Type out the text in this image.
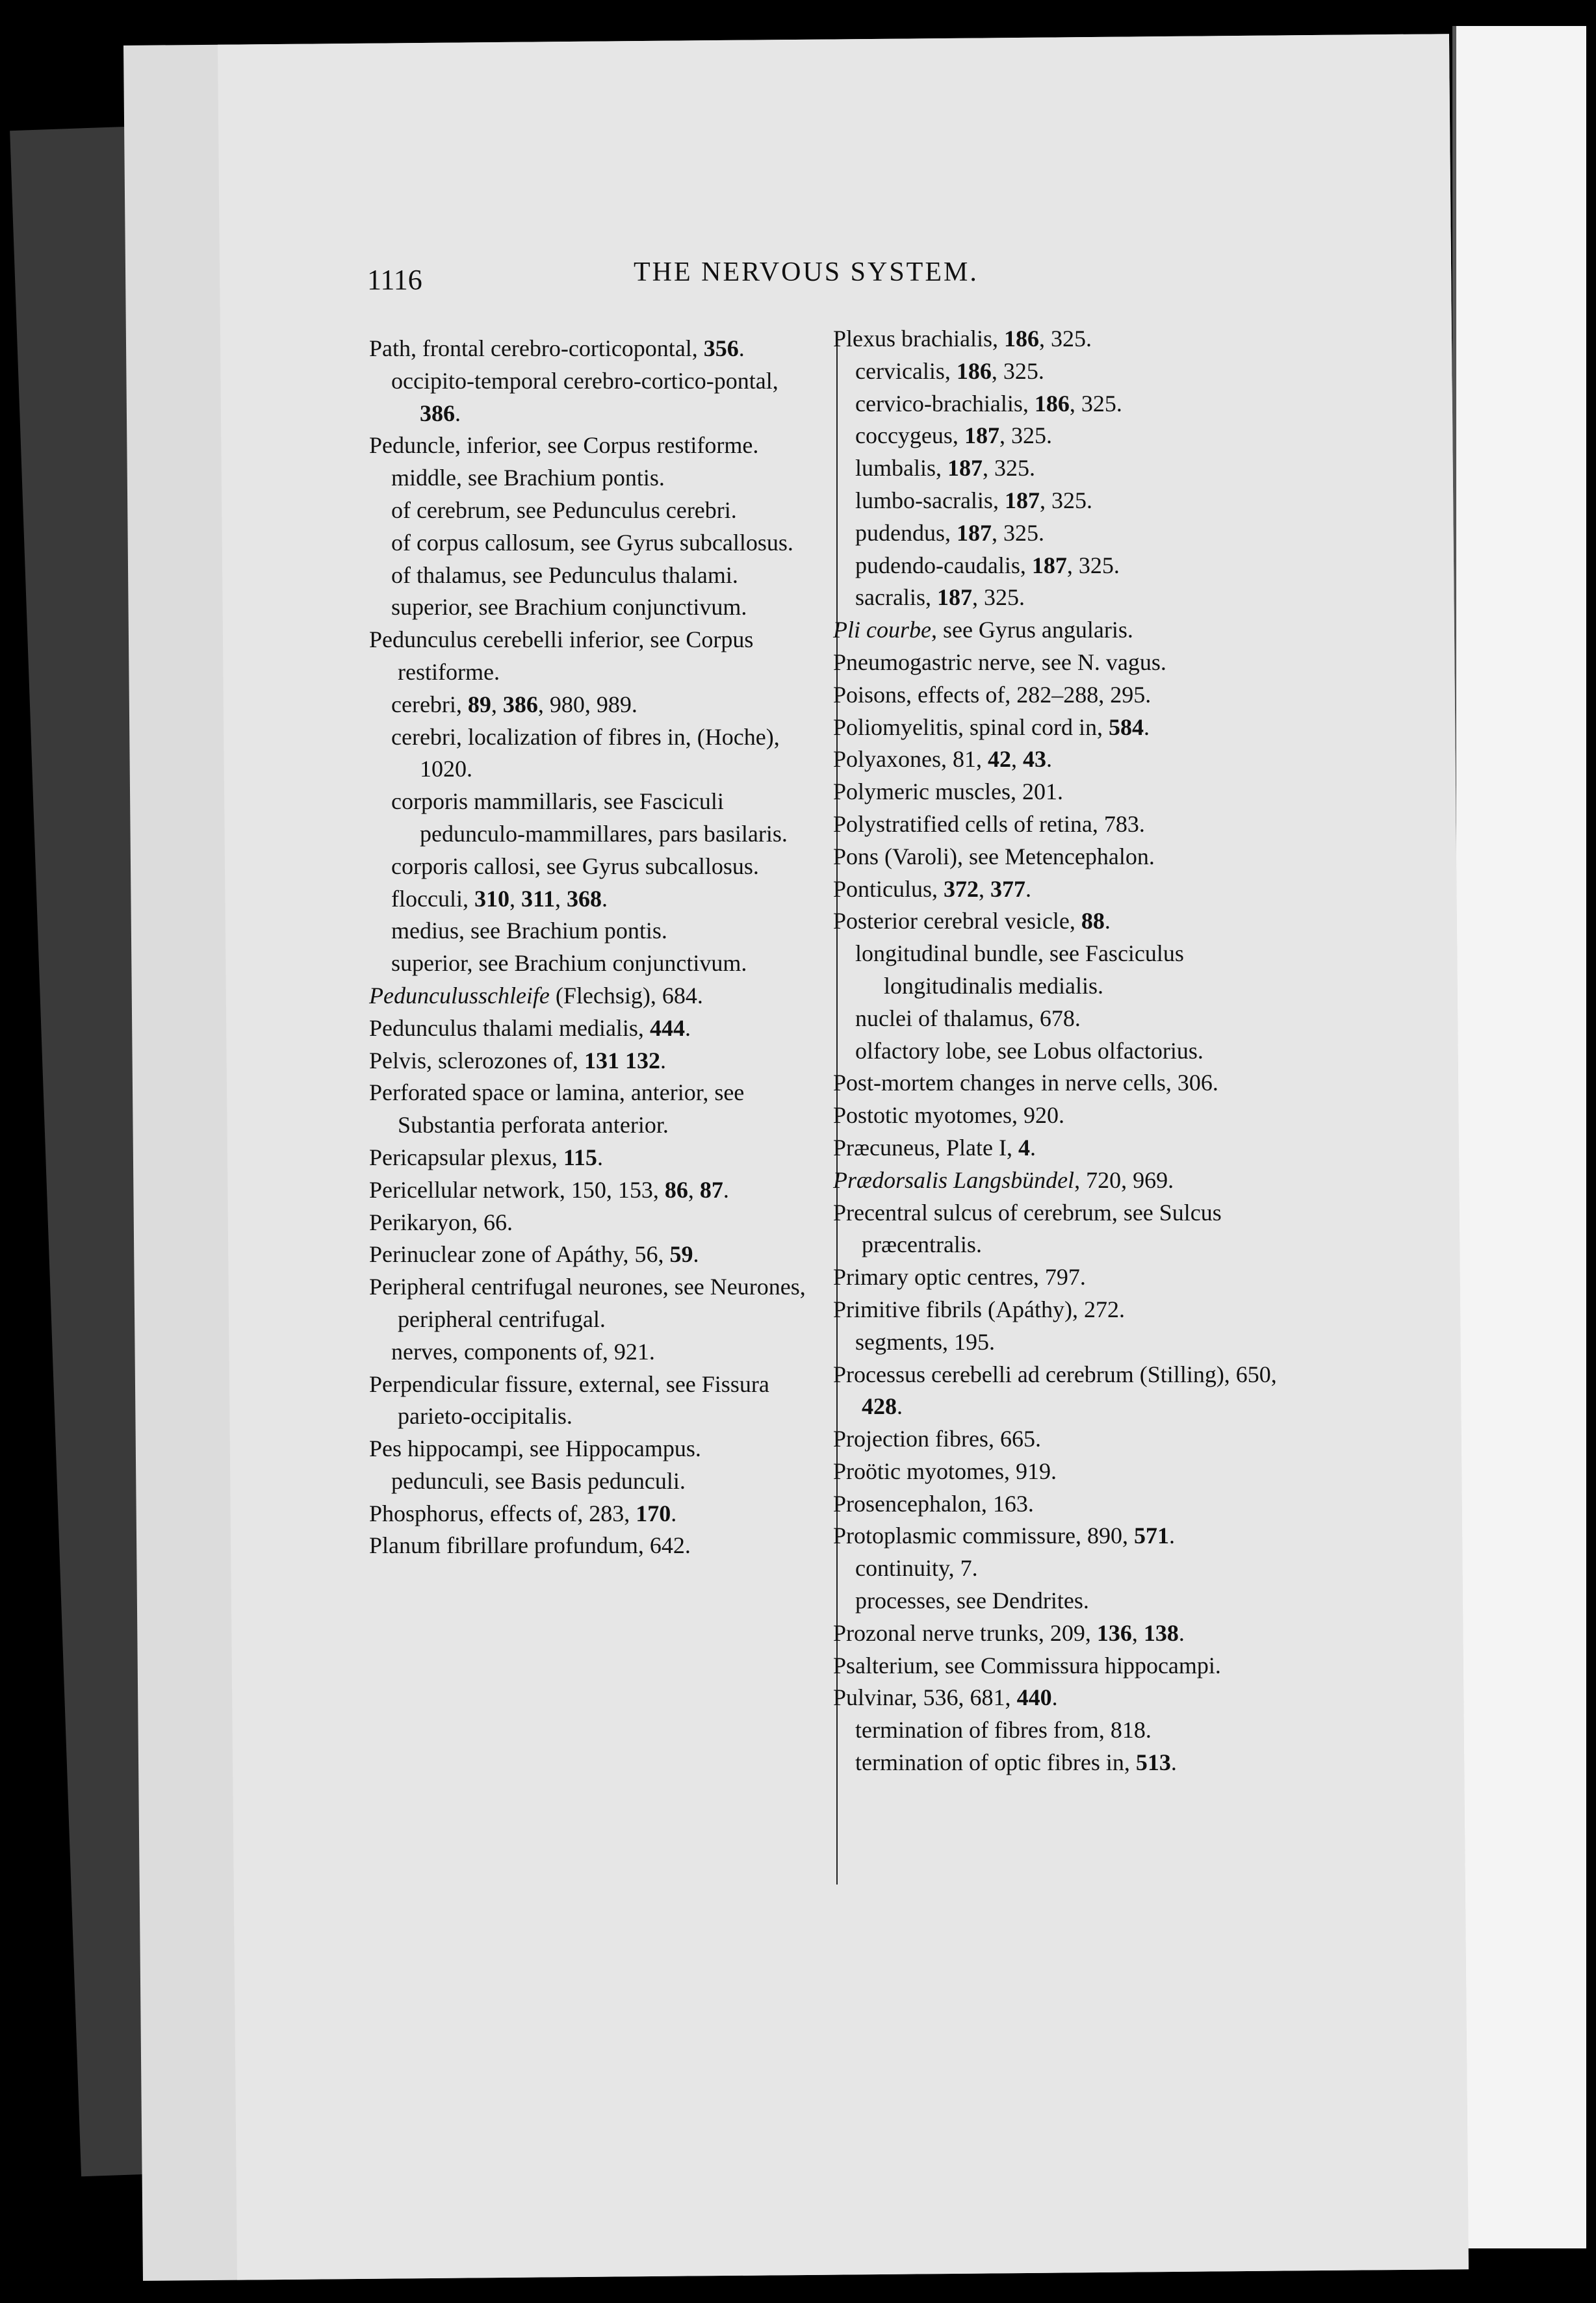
1116	THE NERVOUS SYSTEM.

Path, frontal cerebro-corticopontal, 356.

occipito-temporal cerebro-cortico-pontal, 386.

Peduncle, inferior, see Corpus restiforme.

middle, see Brachium pontis.

of cerebrum, see Pedunculus cerebri.

of corpus callosum, see Gyrus subcallosus.

of thalamus, see Pedunculus thalami.

superior, see Brachium conjunctivum.

Pedunculus cerebelli inferior, see Corpus restiforme.

cerebri, 89, 386, 980, 989.

cerebri, localization of fibres in, (Hoche), 1020.

corporis mammillaris, see Fasciculi pedunculo-mammillares, pars basilaris.

corporis callosi, see Gyrus subcallosus.

flocculi, 310, 311, 368.

medius, see Brachium pontis.

superior, see Brachium conjunctivum.

Pedunculusschleife (Flechsig), 684.

Pedunculus thalami medialis, 444.

Pelvis, sclerozones of, 131 132.

Perforated space or lamina, anterior, see Substantia perforata anterior.

Pericapsular plexus, 115.

Pericellular network, 150, 153, 86, 87.

Perikaryon, 66.

Perinuclear zone of Apáthy, 56, 59.

Peripheral centrifugal neurones, see Neurones, peripheral centrifugal.

nerves, components of, 921.

Perpendicular fissure, external, see Fissura parieto-occipitalis.

Pes hippocampi, see Hippocampus.

pedunculi, see Basis pedunculi.

Phosphorus, effects of, 283, 170.

Planum fibrillare profundum, 642.

Plexus brachialis, 186, 325.

cervicalis, 186, 325.

cervico-brachialis, 186, 325.

coccygeus, 187, 325.

lumbalis, 187, 325.

lumbo-sacralis, 187, 325.

pudendus, 187, 325.

pudendo-caudalis, 187, 325.

sacralis, 187, 325.

Pli courbe, see Gyrus angularis.

Pneumogastric nerve, see N. vagus.

Poisons, effects of, 282–288, 295.

Poliomyelitis, spinal cord in, 584.

Polyaxones, 81, 42, 43.

Polymeric muscles, 201.

Polystratified cells of retina, 783.

Pons (Varoli), see Metencephalon.

Ponticulus, 372, 377.

Posterior cerebral vesicle, 88.

longitudinal bundle, see Fasciculus longitudinalis medialis.

nuclei of thalamus, 678.

olfactory lobe, see Lobus olfactorius.

Post-mortem changes in nerve cells, 306.

Postotic myotomes, 920.

Præcuneus, Plate I, 4.

Prædorsalis Langsbündel, 720, 969.

Precentral sulcus of cerebrum, see Sulcus præcentralis.

Primary optic centres, 797.

Primitive fibrils (Apáthy), 272.

segments, 195.

Processus cerebelli ad cerebrum (Stilling), 650, 428.

Projection fibres, 665.

Proötic myotomes, 919.

Prosencephalon, 163.

Protoplasmic commissure, 890, 571.

continuity, 7.

processes, see Dendrites.

Prozonal nerve trunks, 209, 136, 138.

Psalterium, see Commissura hippocampi.

Pulvinar, 536, 681, 440.

termination of fibres from, 818.

termination of optic fibres in, 513.
